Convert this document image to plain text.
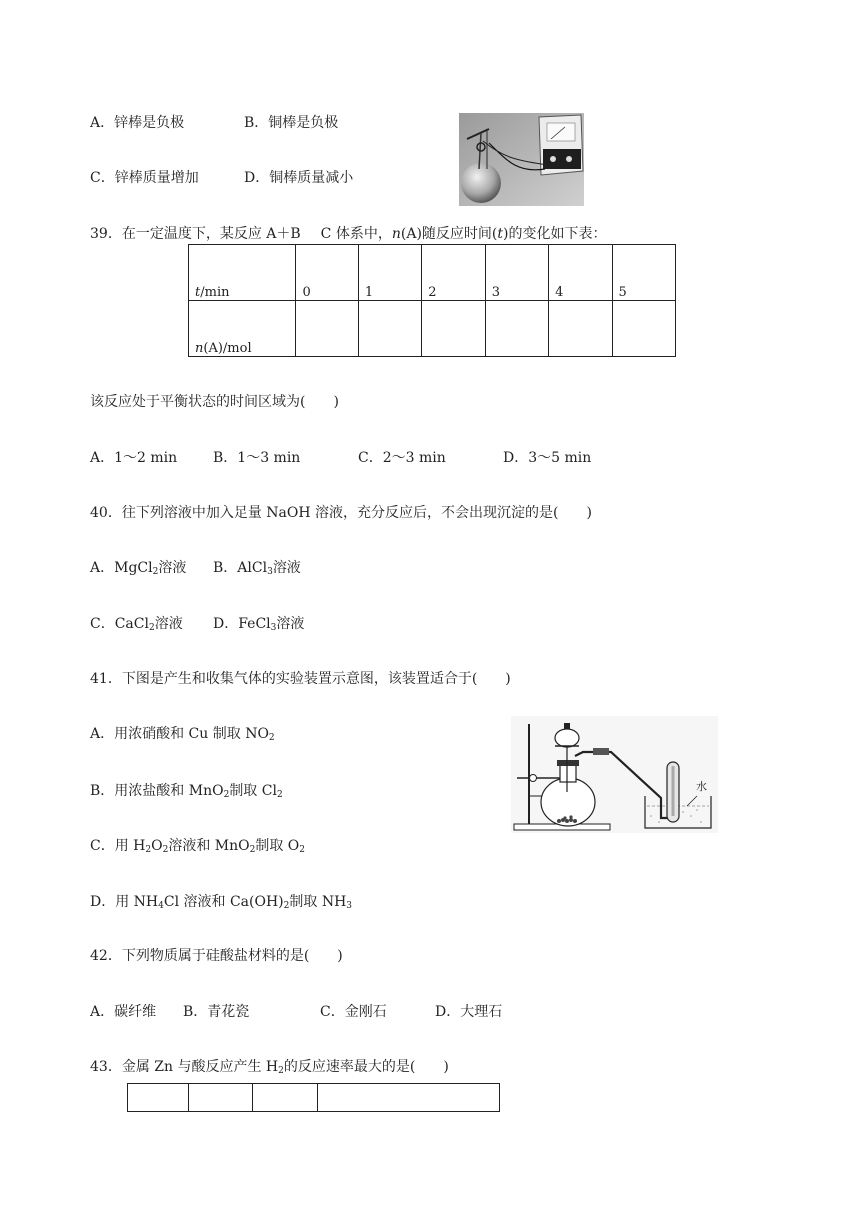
A．锌棒是负极	B．铜棒是负极
C．锌棒质量增加	D．铜棒质量减小
39．在一定温度下，某反应 A＋B C 体系中，n(A)随反应时间(t)的变化如下表：
t/min	0	1	2	3	4	5
n(A)/mol						
该反应处于平衡状态的时间区域为(　　)
A．1～2 min	B．1～3 min	C．2～3 min	D．3～5 min
40．往下列溶液中加入足量 NaOH 溶液，充分反应后，不会出现沉淀的是(　　)
A．MgCl$_2$溶液 B．AlCl$_3$溶液
C．CaCl$_2$溶液 D．FeCl$_3$溶液
41．下图是产生和收集气体的实验装置示意图，该装置适合于(　　)
A．用浓硝酸和 Cu 制取 $NO_2$
B．用浓盐酸和 MnO$_2$制取 $Cl_2$
C．用 $H_2O_2$溶液和 MnO$_2$制取 $O_2$
D．用 $NH_4Cl$ 溶液和 $Ca(OH)_2$制取 $NH_3$
水
42．下列物质属于硅酸盐材料的是(　　)
A．碳纤维 B．青花瓷	C．金刚石	D．大理石
43．金属 Zn 与酸反应产生 $H_2$的反应速率最大的是(　　)
